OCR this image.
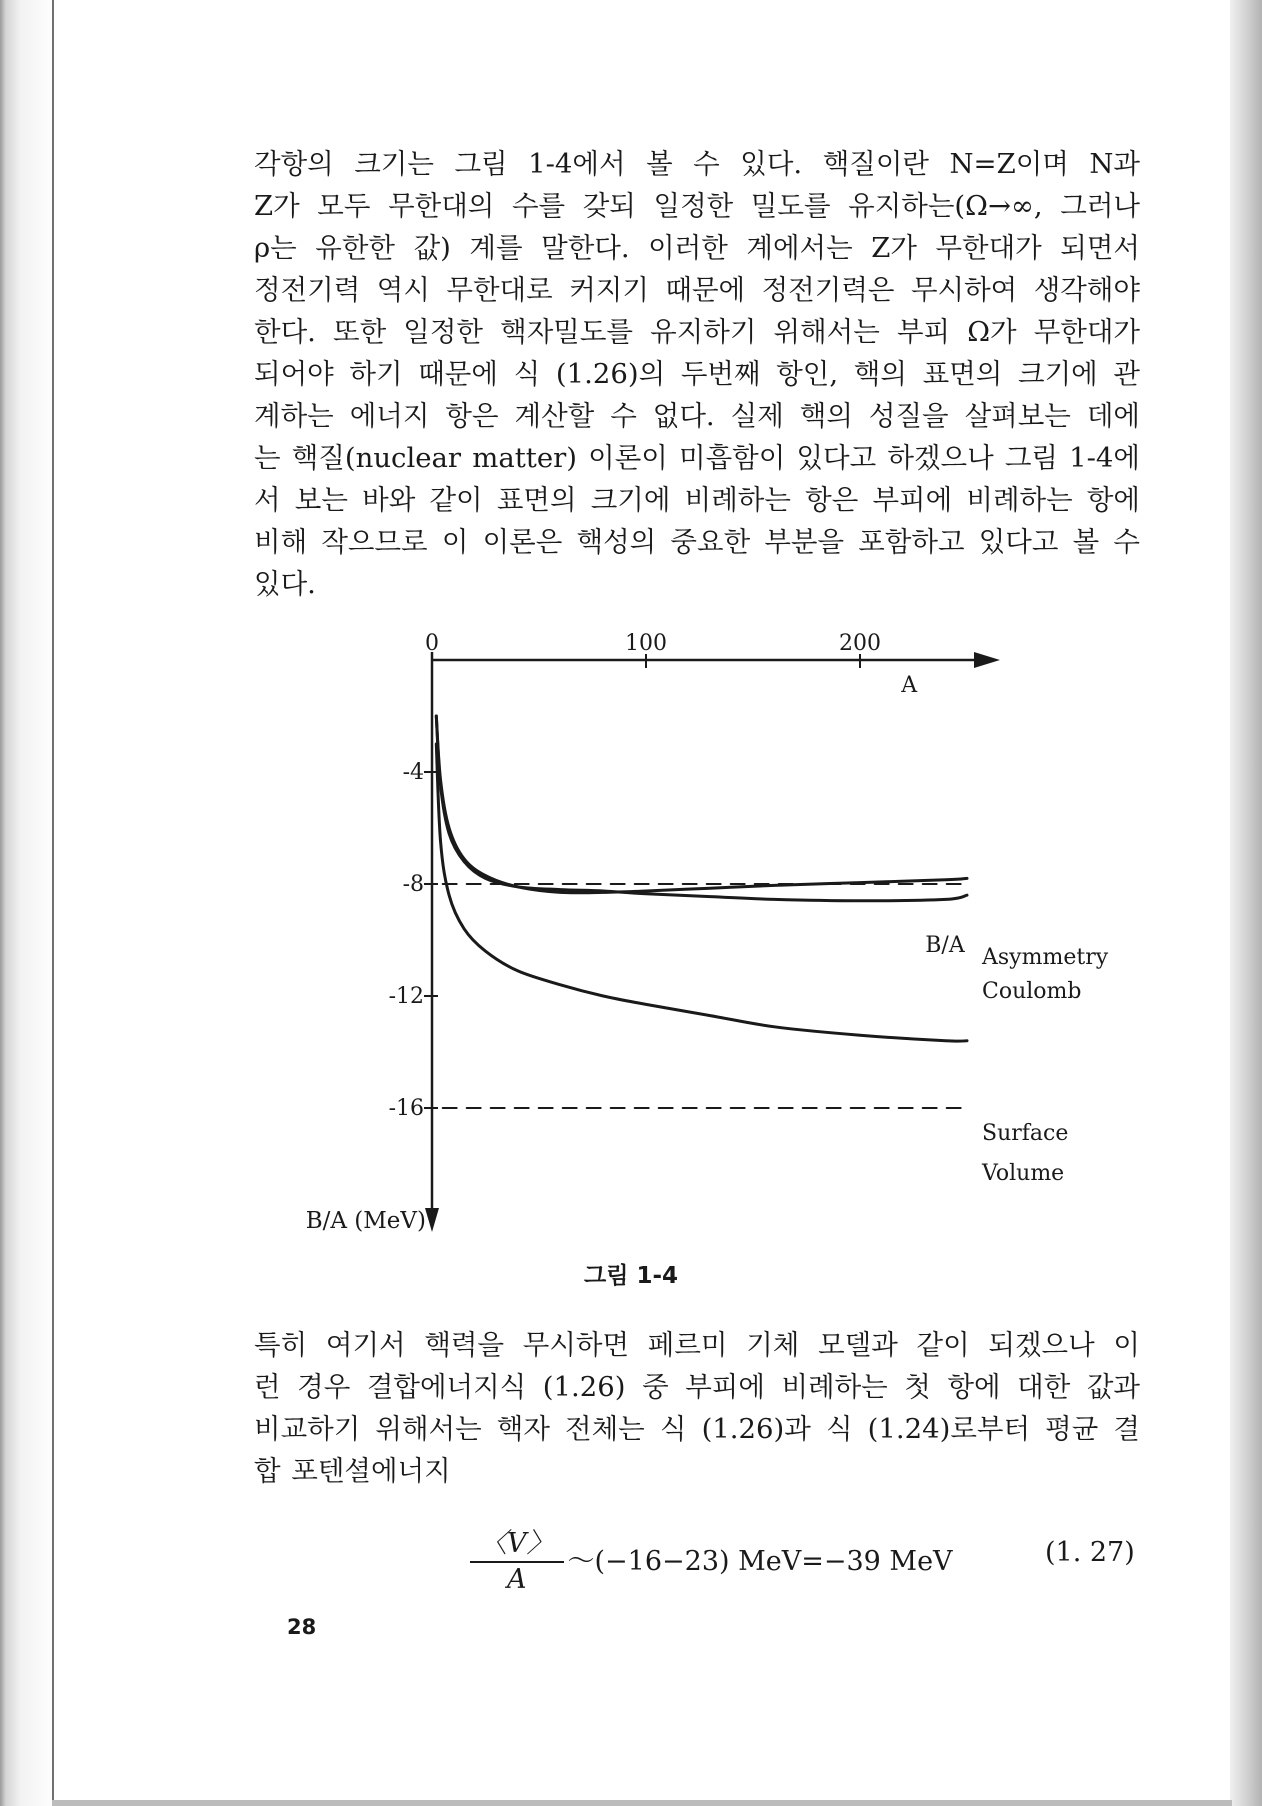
각항의 크기는 그림 1-4에서 볼 수 있다. 핵질이란 N=Z이며 N과
Z가 모두 무한대의 수를 갖되 일정한 밀도를 유지하는(Ω→∞, 그러나
ρ는 유한한 값) 계를 말한다. 이러한 계에서는 Z가 무한대가 되면서
정전기력 역시 무한대로 커지기 때문에 정전기력은 무시하여 생각해야
한다. 또한 일정한 핵자밀도를 유지하기 위해서는 부피 Ω가 무한대가
되어야 하기 때문에 식 (1.26)의 두번째 항인, 핵의 표면의 크기에 관
계하는 에너지 항은 계산할 수 없다. 실제 핵의 성질을 살펴보는 데에
는 핵질(nuclear matter) 이론이 미흡함이 있다고 하겠으나 그림 1-4에
서 보는 바와 같이 표면의 크기에 비례하는 항은 부피에 비례하는 항에
비해 작으므로 이 이론은 핵성의 중요한 부분을 포함하고 있다고 볼 수
있다.
0	100	200
-4
-8
-12
-16
A
B/A (MeV)
B/A Asymmetry
Coulomb
Surface
Volume
그림 1-4
특히 여기서 핵력을 무시하면 페르미 기체 모델과 같이 되겠으나 이
런 경우 결합에너지식 (1.26) 중 부피에 비례하는 첫 항에 대한 값과
비교하기 위해서는 핵자 전체는 식 (1.26)과 식 (1.24)로부터 평균 결
합 포텐셜에너지
$\frac{〈V〉}{A}$ ～(−16−23) MeV=−39 MeV	(1. 27)
28
